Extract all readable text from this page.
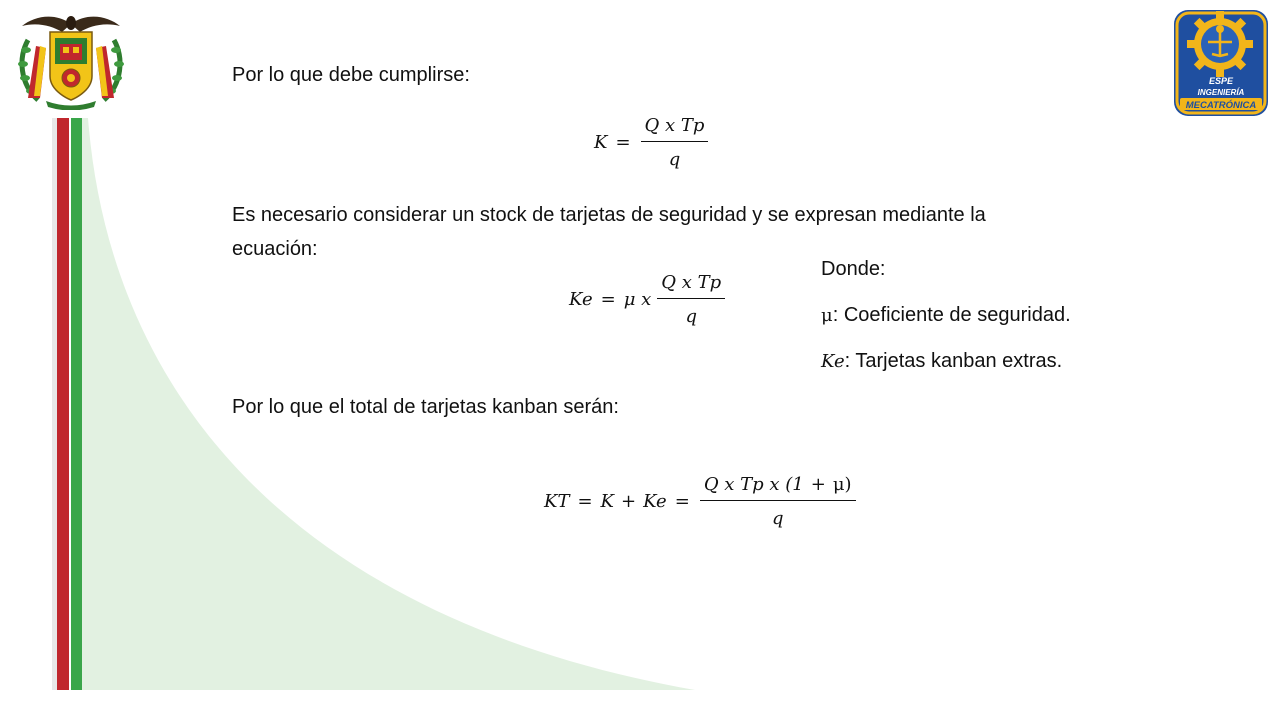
ESPE
INGENIERÍA
MECATRÓNICA
Por lo que debe cumplirse:
$K = \frac{\text{Q x Tp}}{q}$
Es necesario considerar un stock de tarjetas de seguridad y se expresan mediante la ecuación:
Ke = μ x $\frac{\text{Q x Tp}}{q}$
Donde:
μ: Coeficiente de seguridad.
Ke: Tarjetas kanban extras.
Por lo que el total de tarjetas kanban serán:
KT = $K + Ke = \frac{\text{Q x Tp x (1 + μ)}}{q}$
